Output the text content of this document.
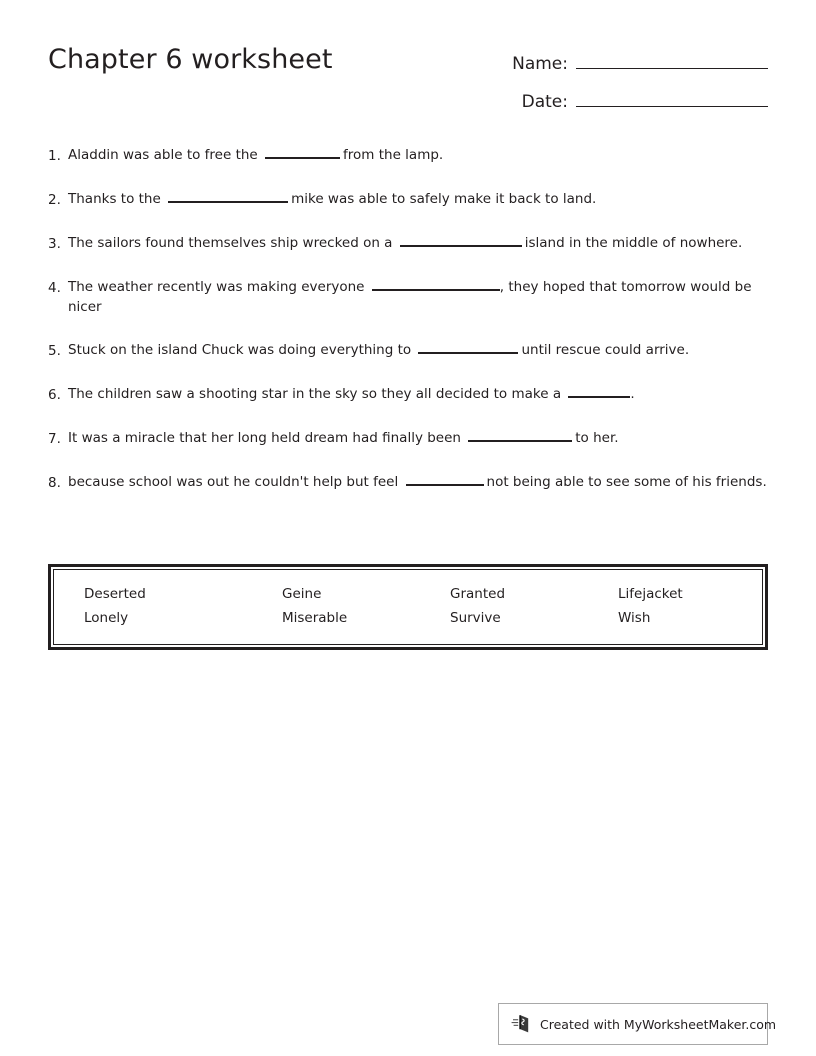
Chapter 6 worksheet	Name:
Date:
1. Aladdin was able to free the	from the lamp.
2. Thanks to the	mike was able to safely make it back to land.
3. The sailors found themselves ship wrecked on a	island in the middle of nowhere.
4. The weather recently was making everyone	, they hoped that tomorrow would be nicer
5. Stuck on the island Chuck was doing everything to	until rescue could arrive.
6. The children saw a shooting star in the sky so they all decided to make a	.
7. It was a miracle that her long held dream had finally been	to her.
8. because school was out he couldn't help but feel	not being able to see some of his friends.
Deserted	Geine	Granted	Lifejacket
Lonely	Miserable	Survive	Wish
Created with MyWorksheetMaker.com
